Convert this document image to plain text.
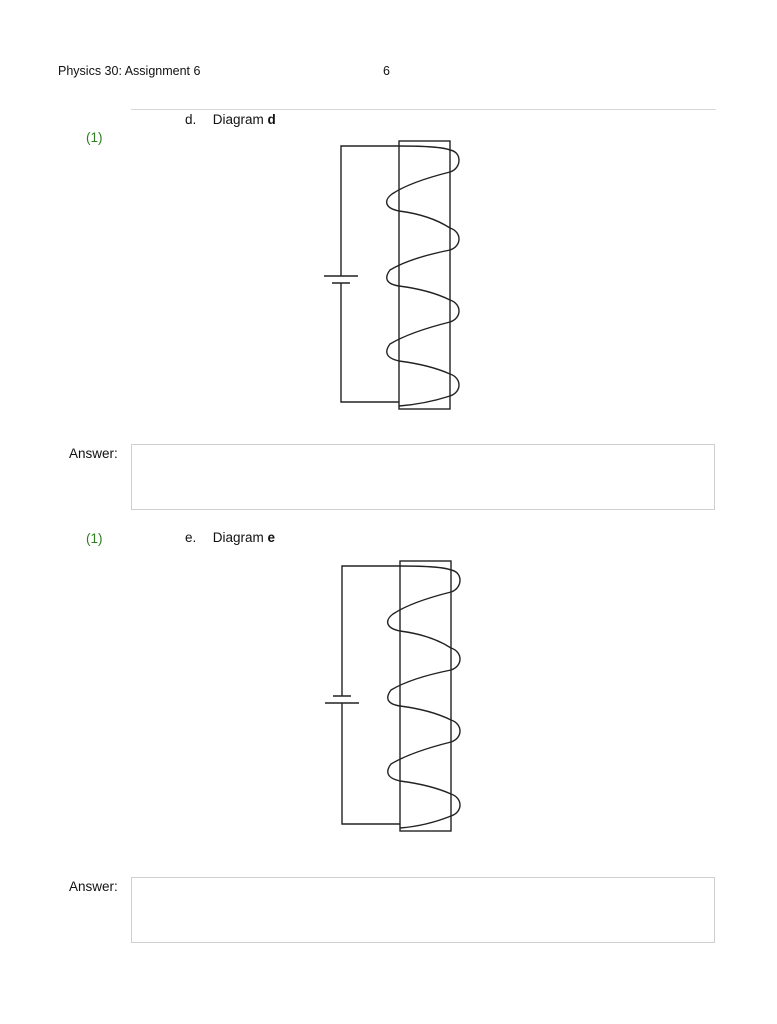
Physics 30: Assignment 6	6
(1)
d. Diagram d
Answer:
(1)	e. Diagram e
Answer:
